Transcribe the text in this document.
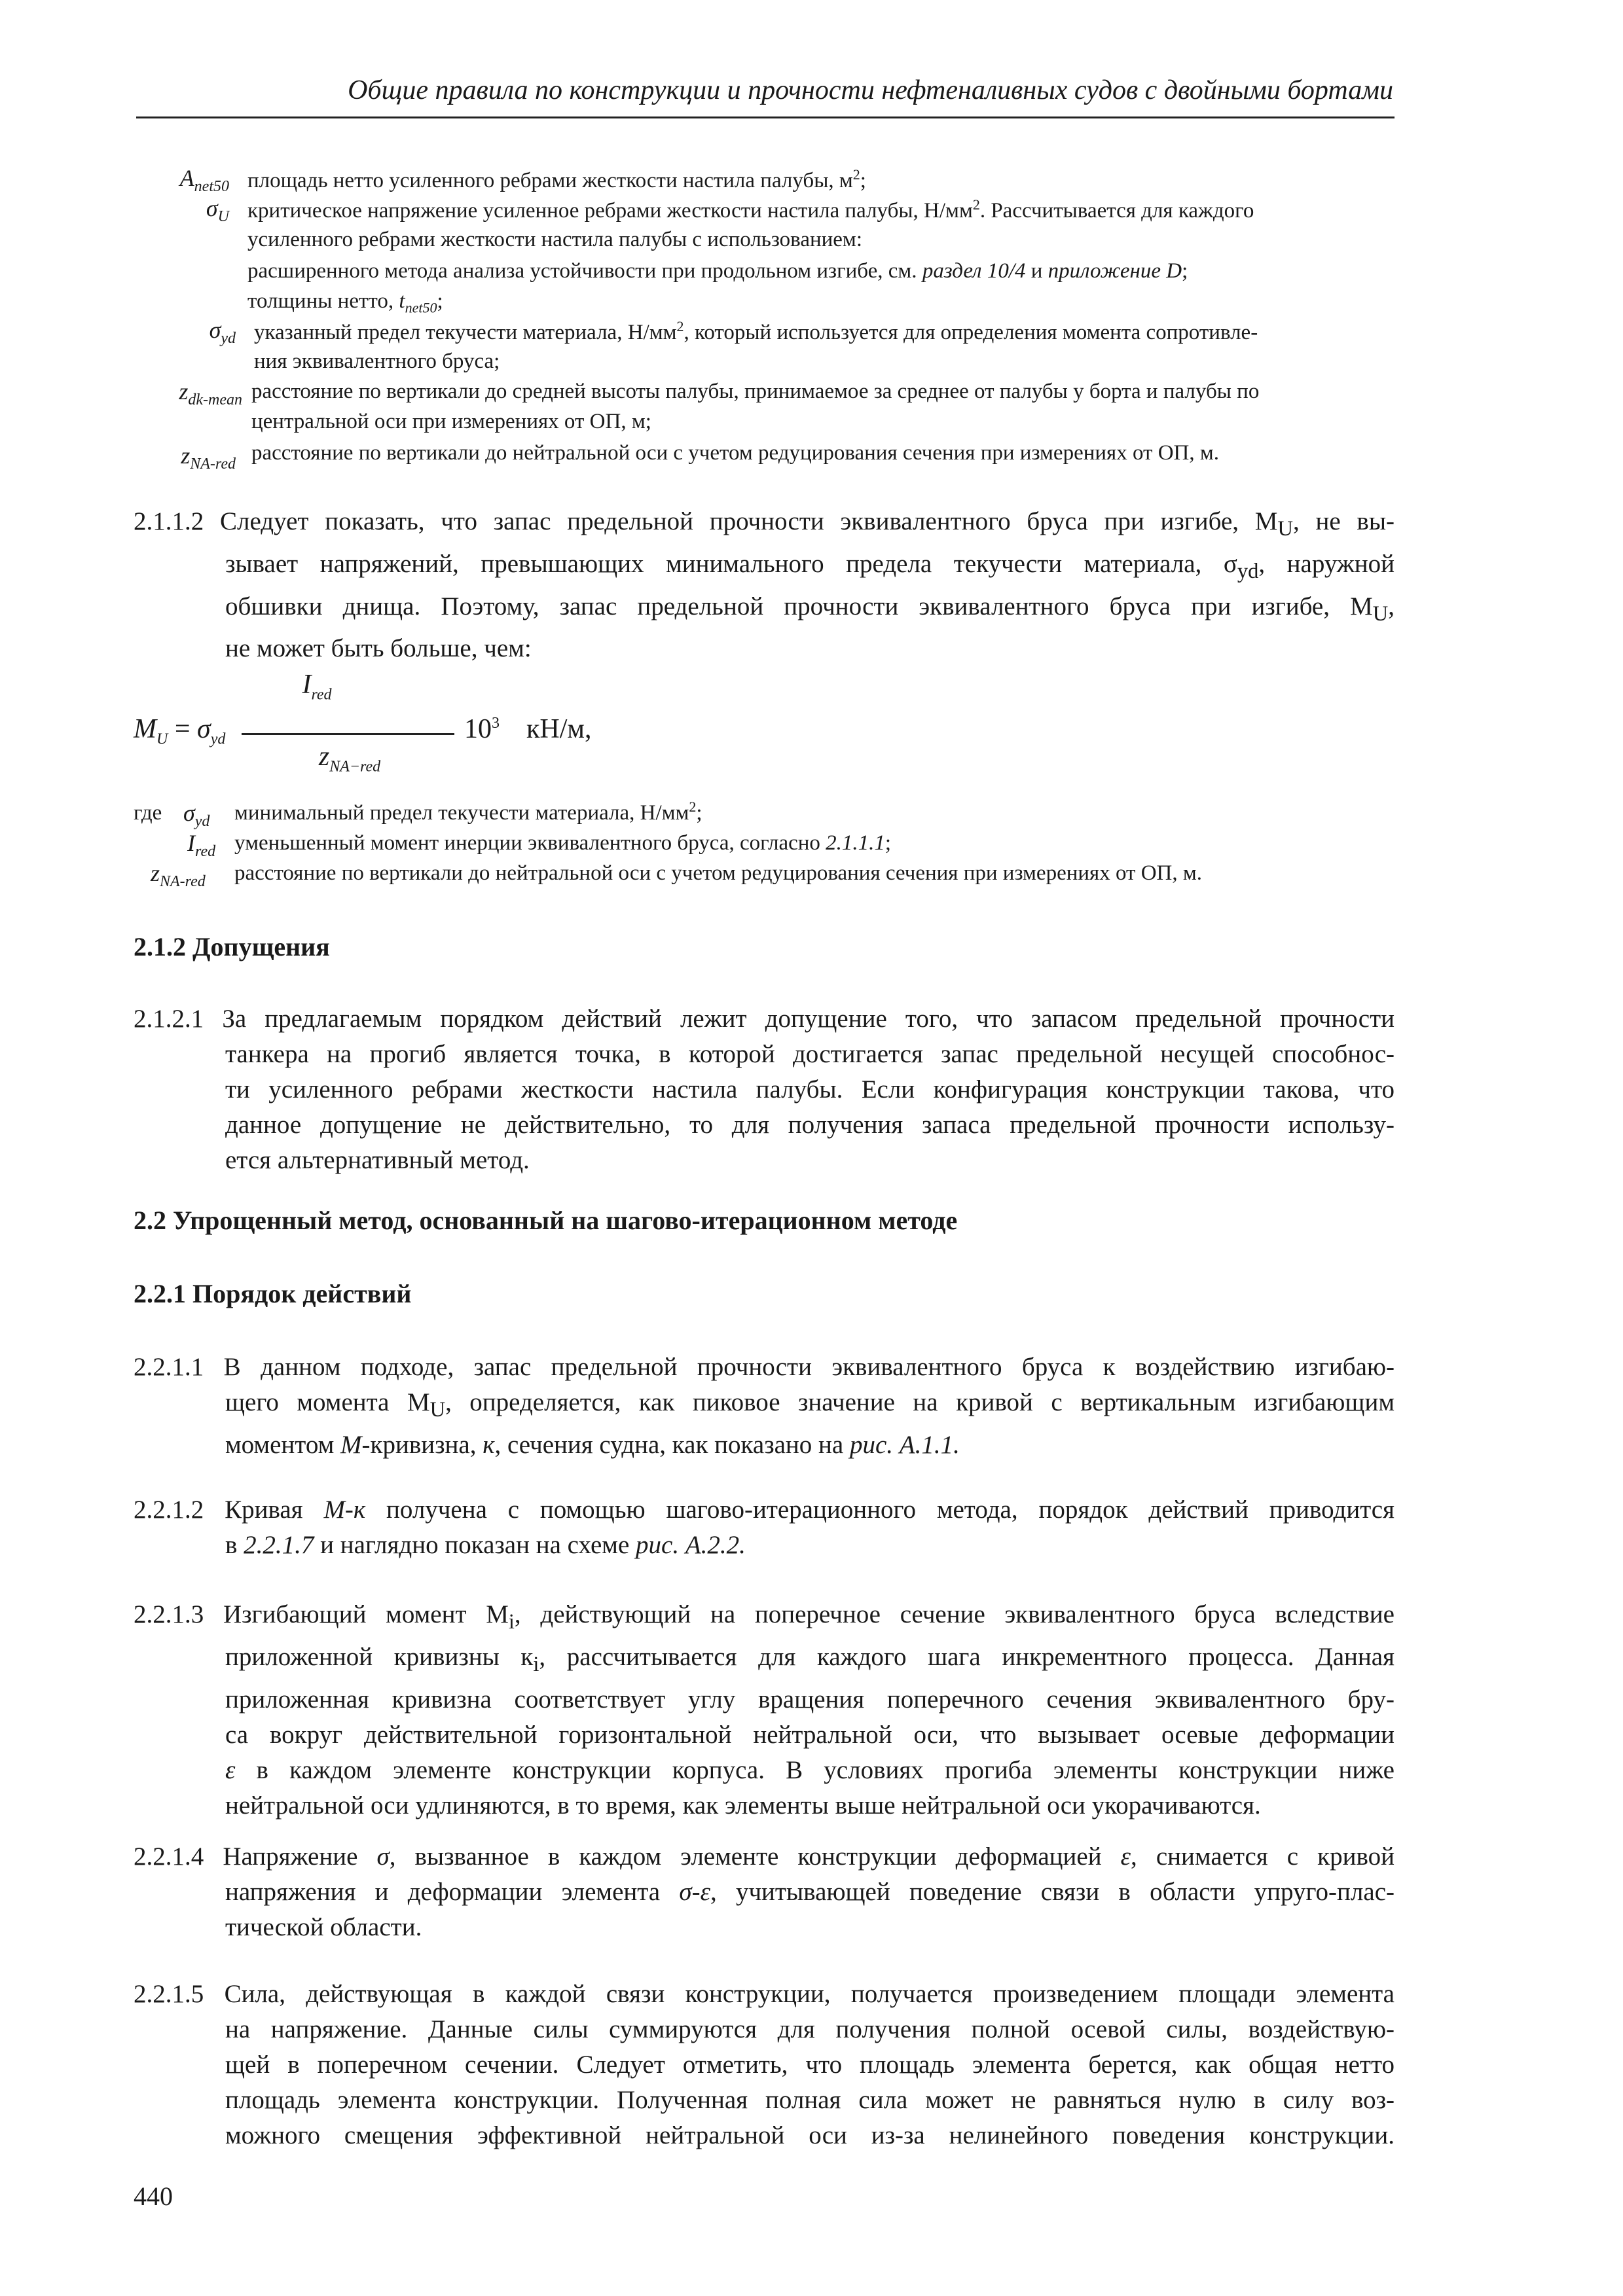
Общие правила по конструкции и прочности нефтеналивных судов с двойными бортами
$A_{net50}$ площадь нетто усиленного ребрами жесткости настила палубы, $м^2$;
$\sigma_U$ критическое напряжение усиленное ребрами жесткости настила палубы, $Н/мм^2$. Рассчитывается для каждого
усиленного ребрами жесткости настила палубы с использованием:
расширенного метода анализа устойчивости при продольном изгибе, см. раздел 10/4 и приложение D;
толщины нетто, $t_{net50}$;
$\sigma_{yd}$ указанный предел текучести материала, $Н/мм^2$, который используется для определения момента сопротивле-
ния эквивалентного бруса;
$z_{dk-mean}$ расстояние по вертикали до средней высоты палубы, принимаемое за среднее от палубы у борта и палубы по
центральной оси при измерениях от ОП, м;
$z_{NA-red}$ расстояние по вертикали до нейтральной оси с учетом редуцирования сечения при измерениях от ОП, м.
2.1.1.2 Следует показать, что запас предельной прочности эквивалентного бруса при изгибе, $M_U$, не вы-
зывает напряжений, превышающих минимального предела текучести материала, $\sigma_{yd}$, наружной
обшивки днища. Поэтому, запас предельной прочности эквивалентного бруса при изгибе, $M_U$,
не может быть больше, чем:
$M_U = \sigma_{yd}$
$I_{red}$
$z_{NA-red}$
$10^3$ кН/м,
где $\sigma_{yd}$ минимальный предел текучести материала, $Н/мм^2$;
$I_{red}$ уменьшенный момент инерции эквивалентного бруса, согласно 2.1.1.1;
$z_{NA-red}$ расстояние по вертикали до нейтральной оси с учетом редуцирования сечения при измерениях от ОП, м.
2.1.2 Допущения
2.1.2.1 За предлагаемым порядком действий лежит допущение того, что запасом предельной прочности
танкера на прогиб является точка, в которой достигается запас предельной несущей способнос-
ти усиленного ребрами жесткости настила палубы. Если конфигурация конструкции такова, что
данное допущение не действительно, то для получения запаса предельной прочности использу-
ется альтернативный метод.
2.2 Упрощенный метод, основанный на шагово-итерационном методе
2.2.1 Порядок действий
2.2.1.1 В данном подходе, запас предельной прочности эквивалентного бруса к воздействию изгибаю-
щего момента $M_U$, определяется, как пиковое значение на кривой с вертикальным изгибающим
моментом M-кривизна, к, сечения судна, как показано на рис. A.1.1.
2.2.1.2 Кривая M-к получена с помощью шагово-итерационного метода, порядок действий приводится
в 2.2.1.7 и наглядно показан на схеме рис. A.2.2.
2.2.1.3 Изгибающий момент $M_i$, действующий на поперечное сечение эквивалентного бруса вследствие
приложенной кривизны $к_i$, рассчитывается для каждого шага инкрементного процесса. Данная
приложенная кривизна соответствует углу вращения поперечного сечения эквивалентного бру-
са вокруг действительной горизонтальной нейтральной оси, что вызывает осевые деформации
ε в каждом элементе конструкции корпуса. В условиях прогиба элементы конструкции ниже
нейтральной оси удлиняются, в то время, как элементы выше нейтральной оси укорачиваются.
2.2.1.4 Напряжение σ, вызванное в каждом элементе конструкции деформацией ε, снимается с кривой
напряжения и деформации элемента σ-ε, учитывающей поведение связи в области упруго-плас-
тической области.
2.2.1.5 Сила, действующая в каждой связи конструкции, получается произведением площади элемента
на напряжение. Данные силы суммируются для получения полной осевой силы, воздействую-
щей в поперечном сечении. Следует отметить, что площадь элемента берется, как общая нетто
площадь элемента конструкции. Полученная полная сила может не равняться нулю в силу воз-
можного смещения эффективной нейтральной оси из-за нелинейного поведения конструкции.
440
